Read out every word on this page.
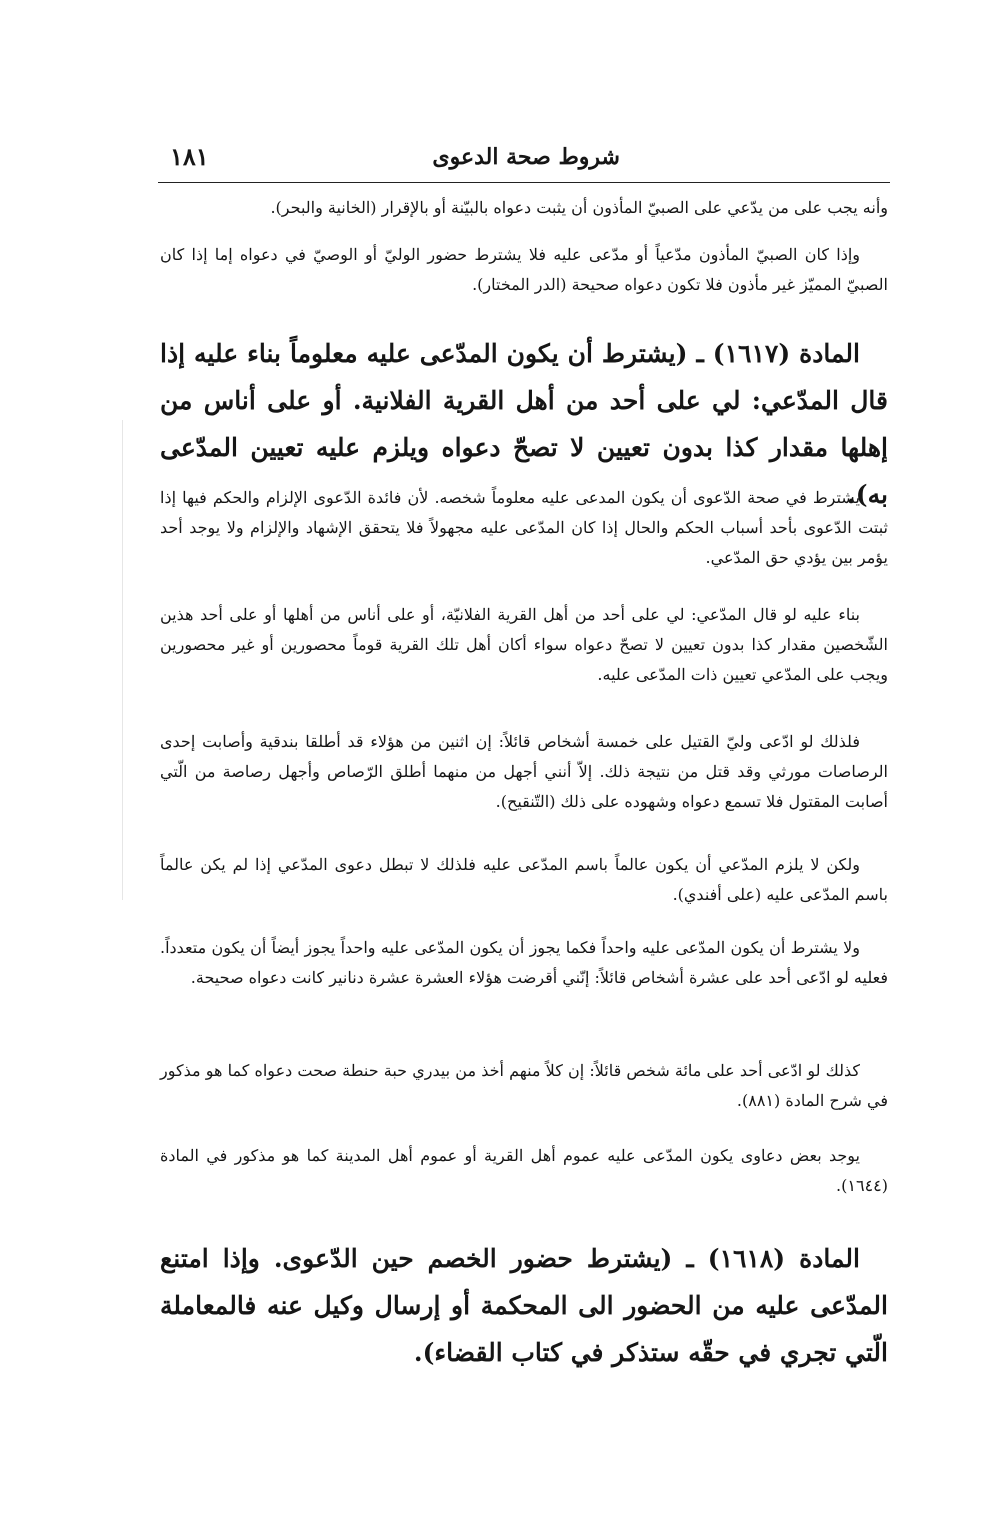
شروط صحة الدعوى
١٨١

وأنه يجب على من يدّعي على الصبيّ المأذون أن يثبت دعواه بالبيّنة أو بالإقرار (الخانية والبحر).

وإذا كان الصبيّ المأذون مدّعياً أو مدّعى عليه فلا يشترط حضور الوليّ أو الوصيّ في دعواه إما إذا كان الصبيّ المميّز غير مأذون فلا تكون دعواه صحيحة (الدر المختار).

المادة (١٦١٧) ـ (يشترط أن يكون المدّعى عليه معلوماً بناء عليه إذا قال المدّعي: لي على أحد من أهل القرية الفلانية. أو على أناس من إهلها مقدار كذا بدون تعيين لا تصحّ دعواه ويلزم عليه تعيين المدّعى به).

يشترط في صحة الدّعوى أن يكون المدعى عليه معلوماً شخصه. لأن فائدة الدّعوى الإلزام والحكم فيها إذا ثبتت الدّعوى بأحد أسباب الحكم والحال إذا كان المدّعى عليه مجهولاً فلا يتحقق الإشهاد والإلزام ولا يوجد أحد يؤمر بين يؤدي حق المدّعي.

بناء عليه لو قال المدّعي: لي على أحد من أهل القرية الفلانيّة، أو على أناس من أهلها أو على أحد هذين الشّخصين مقدار كذا بدون تعيين لا تصحّ دعواه سواء أكان أهل تلك القرية قوماً محصورين أو غير محصورين ويجب على المدّعي تعيين ذات المدّعى عليه.

فلذلك لو ادّعى وليّ القتيل على خمسة أشخاص قائلاً: إن اثنين من هؤلاء قد أطلقا بندقية وأصابت إحدى الرصاصات مورثي وقد قتل من نتيجة ذلك. إلاّ أنني أجهل من منهما أطلق الرّصاص وأجهل رصاصة من الّتي أصابت المقتول فلا تسمع دعواه وشهوده على ذلك (التّنقيح).

ولكن لا يلزم المدّعي أن يكون عالماً باسم المدّعى عليه فلذلك لا تبطل دعوى المدّعي إذا لم يكن عالماً باسم المدّعى عليه (على أفندي).

ولا يشترط أن يكون المدّعى عليه واحداً فكما يجوز أن يكون المدّعى عليه واحداً يجوز أيضاً أن يكون متعدداً. فعليه لو ادّعى أحد على عشرة أشخاص قائلاً: إنّني أقرضت هؤلاء العشرة عشرة دنانير كانت دعواه صحيحة.

كذلك لو ادّعى أحد على مائة شخص قائلاً: إن كلاً منهم أخذ من بيدري حبة حنطة صحت دعواه كما هو مذكور في شرح المادة (٨٨١).

يوجد بعض دعاوى يكون المدّعى عليه عموم أهل القرية أو عموم أهل المدينة كما هو مذكور في المادة (١٦٤٤).

المادة (١٦١٨) ـ (يشترط حضور الخصم حين الدّعوى. وإذا امتنع المدّعى عليه من الحضور الى المحكمة أو إرسال وكيل عنه فالمعاملة الّتي تجري في حقّه ستذكر في كتاب القضاء).
